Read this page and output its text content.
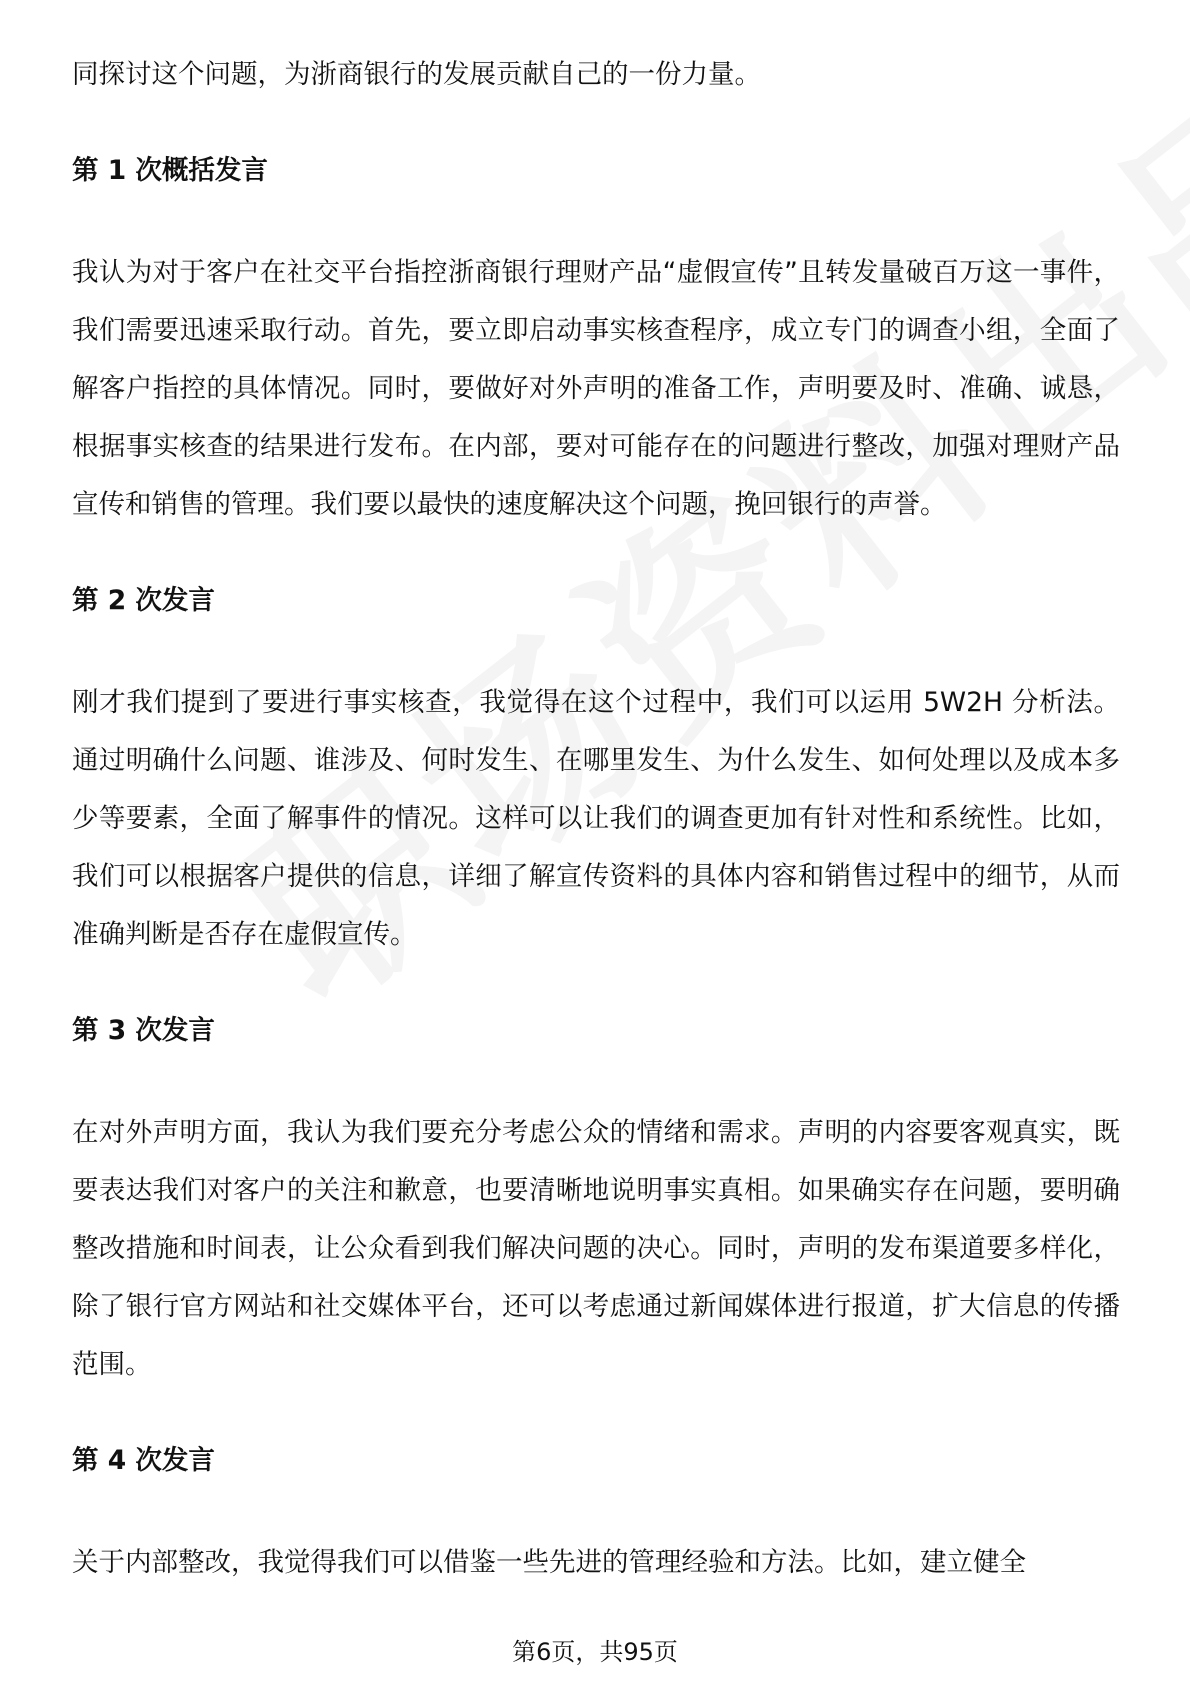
同探讨这个问题，为浙商银行的发展贡献自己的一份力量。

第 1 次概括发言

我认为对于客户在社交平台指控浙商银行理财产品“虚假宣传”且转发量破百万这一事件，我们需要迅速采取行动。首先，要立即启动事实核查程序，成立专门的调查小组，全面了解客户指控的具体情况。同时，要做好对外声明的准备工作，声明要及时、准确、诚恳，根据事实核查的结果进行发布。在内部，要对可能存在的问题进行整改，加强对理财产品宣传和销售的管理。我们要以最快的速度解决这个问题，挽回银行的声誉。

第 2 次发言

刚才我们提到了要进行事实核查，我觉得在这个过程中，我们可以运用 5W2H 分析法。通过明确什么问题、谁涉及、何时发生、在哪里发生、为什么发生、如何处理以及成本多少等要素，全面了解事件的情况。这样可以让我们的调查更加有针对性和系统性。比如，我们可以根据客户提供的信息，详细了解宣传资料的具体内容和销售过程中的细节，从而准确判断是否存在虚假宣传。

第 3 次发言

在对外声明方面，我认为我们要充分考虑公众的情绪和需求。声明的内容要客观真实，既要表达我们对客户的关注和歉意，也要清晰地说明事实真相。如果确实存在问题，要明确整改措施和时间表，让公众看到我们解决问题的决心。同时，声明的发布渠道要多样化，除了银行官方网站和社交媒体平台，还可以考虑通过新闻媒体进行报道，扩大信息的传播范围。

第 4 次发言

关于内部整改，我觉得我们可以借鉴一些先进的管理经验和方法。比如，建立健全

第6页，共95页
